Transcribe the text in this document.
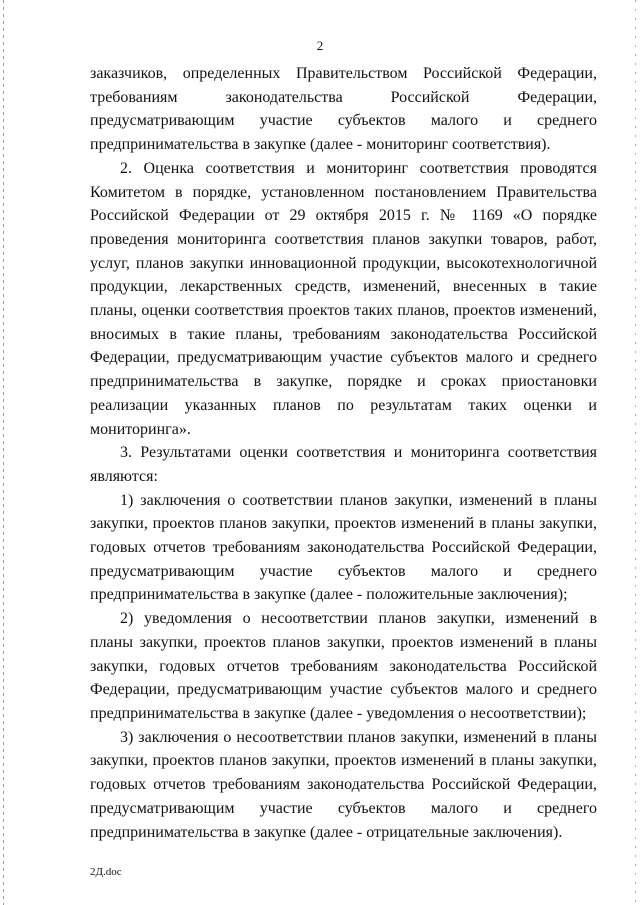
2

заказчиков, определенных Правительством Российской Федерации, требованиям законодательства Российской Федерации, предусматривающим участие субъектов малого и среднего предпринимательства в закупке (далее - мониторинг соответствия).

2. Оценка соответствия и мониторинг соответствия проводятся Комитетом в порядке, установленном постановлением Правительства Российской Федерации от 29 октября 2015 г. № 1169 «О порядке проведения мониторинга соответствия планов закупки товаров, работ, услуг, планов закупки инновационной продукции, высокотехнологичной продукции, лекарственных средств, изменений, внесенных в такие планы, оценки соответствия проектов таких планов, проектов изменений, вносимых в такие планы, требованиям законодательства Российской Федерации, предусматривающим участие субъектов малого и среднего предпринимательства в закупке, порядке и сроках приостановки реализации указанных планов по результатам таких оценки и мониторинга».

3. Результатами оценки соответствия и мониторинга соответствия являются:

1) заключения о соответствии планов закупки, изменений в планы закупки, проектов планов закупки, проектов изменений в планы закупки, годовых отчетов требованиям законодательства Российской Федерации, предусматривающим участие субъектов малого и среднего предпринимательства в закупке (далее - положительные заключения);

2) уведомления о несоответствии планов закупки, изменений в планы закупки, проектов планов закупки, проектов изменений в планы закупки, годовых отчетов требованиям законодательства Российской Федерации, предусматривающим участие субъектов малого и среднего предпринимательства в закупке (далее - уведомления о несоответствии);

3) заключения о несоответствии планов закупки, изменений в планы закупки, проектов планов закупки, проектов изменений в планы закупки, годовых отчетов требованиям законодательства Российской Федерации, предусматривающим участие субъектов малого и среднего предпринимательства в закупке (далее - отрицательные заключения).

2Д.doc
